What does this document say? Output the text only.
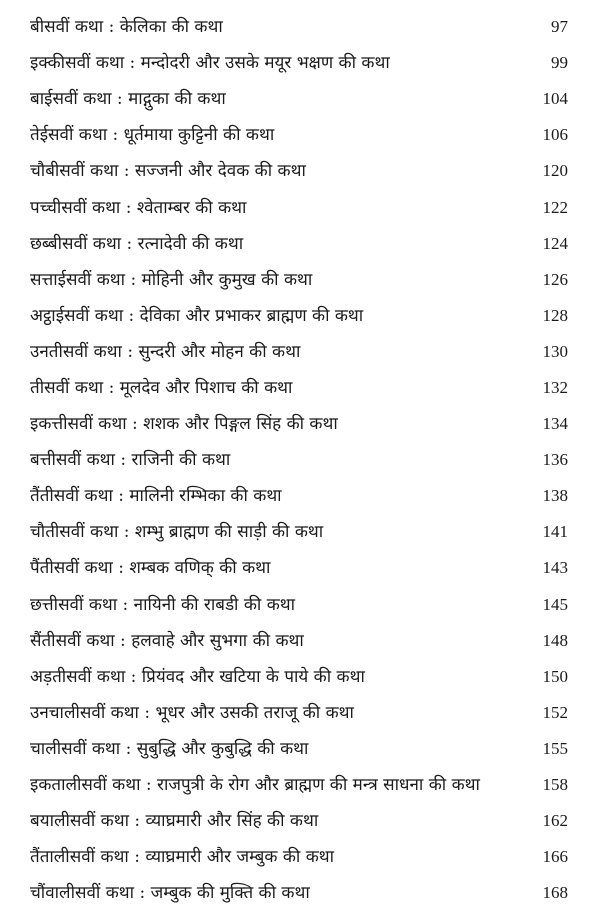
बीसवीं कथा : केलिका की कथा	97
इक्कीसवीं कथा : मन्दोदरी और उसके मयूर भक्षण की कथा	99
बाईसवीं कथा : माद्गुका की कथा	104
तेईसवीं कथा : धूर्तमाया कुट्टिनी की कथा	106
चौबीसवीं कथा : सज्जनी और देवक की कथा	120
पच्चीसवीं कथा : श्वेताम्बर की कथा	122
छब्बीसवीं कथा : रत्नादेवी की कथा	124
सत्ताईसवीं कथा : मोहिनी और कुमुख की कथा	126
अट्ठाईसवीं कथा : देविका और प्रभाकर ब्राह्मण की कथा	128
उनतीसवीं कथा : सुन्दरी और मोहन की कथा	130
तीसवीं कथा : मूलदेव और पिशाच की कथा	132
इकत्तीसवीं कथा : शशक और पिङ्गल सिंह की कथा	134
बत्तीसवीं कथा : राजिनी की कथा	136
तैंतीसवीं कथा : मालिनी रम्भिका की कथा	138
चौतीसवीं कथा : शम्भु ब्राह्मण की साड़ी की कथा	141
पैंतीसवीं कथा : शम्बक वणिक् की कथा	143
छत्तीसवीं कथा : नायिनी की राबडी की कथा	145
सैंतीसवीं कथा : हलवाहे और सुभगा की कथा	148
अड़तीसवीं कथा : प्रियंवद और खटिया के पाये की कथा	150
उनचालीसवीं कथा : भूधर और उसकी तराजू की कथा	152
चालीसवीं कथा : सुबुद्धि और कुबुद्धि की कथा	155
इकतालीसवीं कथा : राजपुत्री के रोग और ब्राह्मण की मन्त्र साधना की कथा	158
बयालीसवीं कथा : व्याघ्रमारी और सिंह की कथा	162
तैंतालीसवीं कथा : व्याघ्रमारी और जम्बुक की कथा	166
चौंवालीसवीं कथा : जम्बुक की मुक्ति की कथा	168
